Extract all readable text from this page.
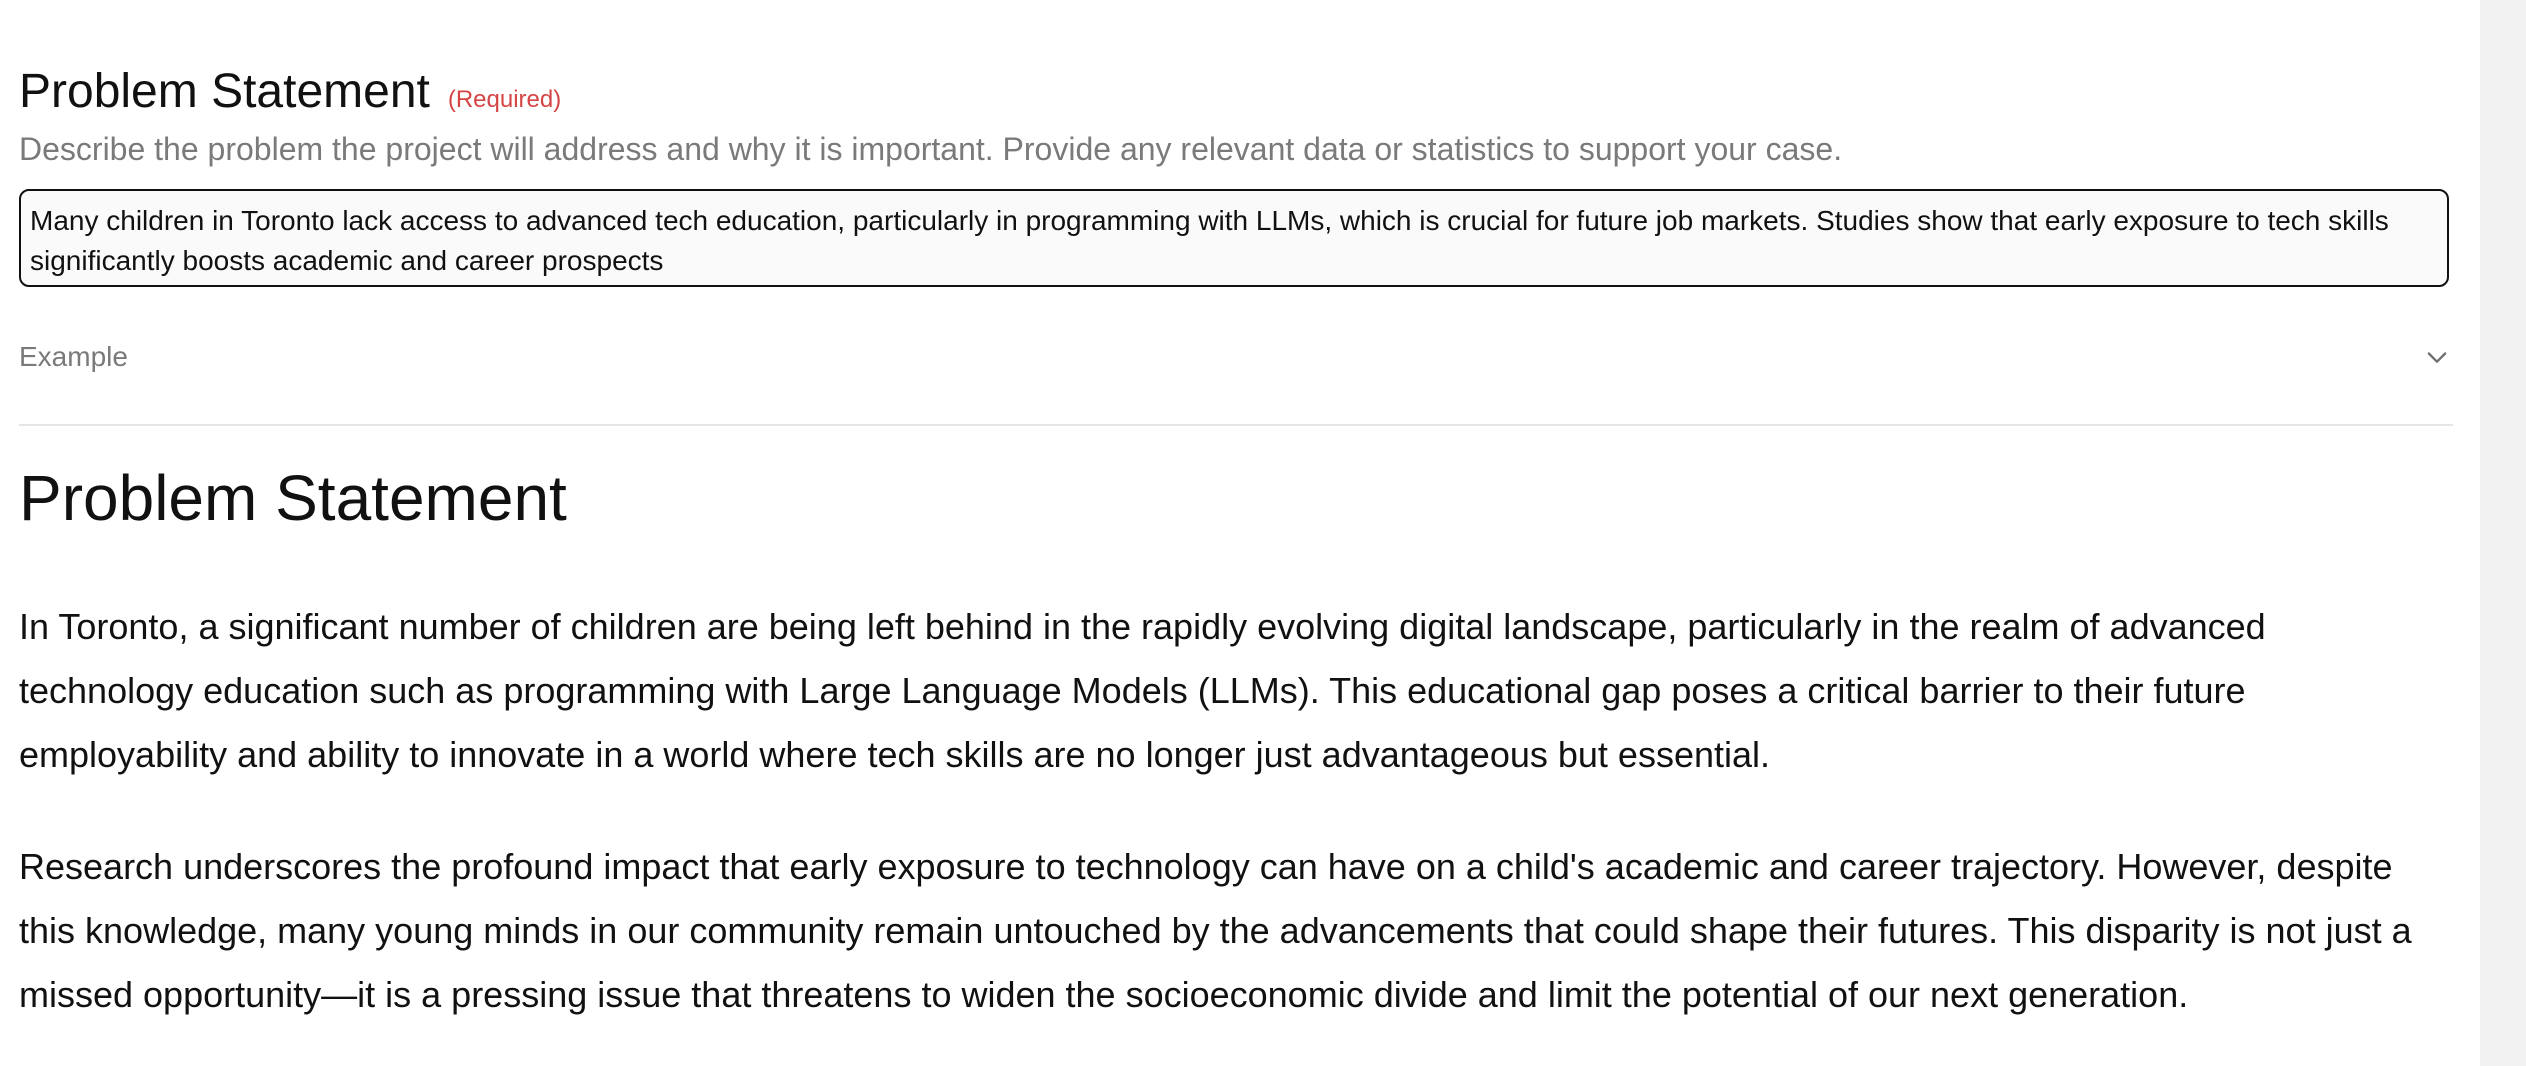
Problem Statement (Required)
Describe the problem the project will address and why it is important. Provide any relevant data or statistics to support your case.
Many children in Toronto lack access to advanced tech education, particularly in programming with LLMs, which is crucial for future job markets. Studies show that early exposure to tech skills significantly boosts academic and career prospects
Example
Problem Statement

In Toronto, a significant number of children are being left behind in the rapidly evolving digital landscape, particularly in the realm of advanced technology education such as programming with Large Language Models (LLMs). This educational gap poses a critical barrier to their future employability and ability to innovate in a world where tech skills are no longer just advantageous but essential.

Research underscores the profound impact that early exposure to technology can have on a child's academic and career trajectory. However, despite this knowledge, many young minds in our community remain untouched by the advancements that could shape their futures. This disparity is not just a missed opportunity—it is a pressing issue that threatens to widen the socioeconomic divide and limit the potential of our next generation.
